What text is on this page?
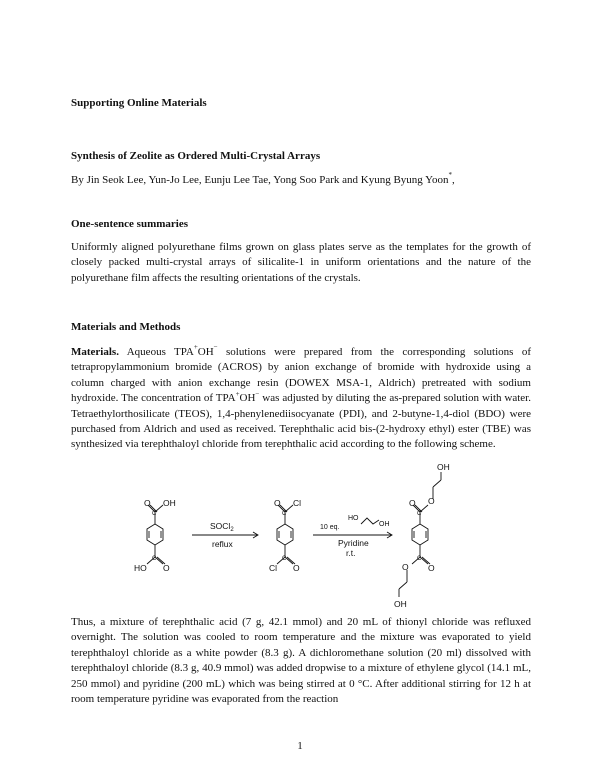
Supporting Online Materials
Synthesis of Zeolite as Ordered Multi-Crystal Arrays
By Jin Seok Lee, Yun-Jo Lee, Eunju Lee Tae, Yong Soo Park and Kyung Byung Yoon*,
One-sentence summaries

Uniformly aligned polyurethane films grown on glass plates serve as the templates for the growth of closely packed multi-crystal arrays of silicalite-1 in uniform orientations and the nature of the polyurethane film affects the resulting orientations of the crystals.

Materials and Methods

Materials. Aqueous TPA+OH− solutions were prepared from the corresponding solutions of tetrapropylammonium bromide (ACROS) by anion exchange of bromide with hydroxide using a column charged with anion exchange resin (DOWEX MSA-1, Aldrich) pretreated with sodium hydroxide. The concentration of TPA+OH− was adjusted by diluting the as-prepared solution with water. Tetraethylorthosilicate (TEOS), 1,4-phenylenediisocyanate (PDI), and 2-butyne-1,4-diol (BDO) were purchased from Aldrich and used as received. Terephthalic acid bis-(2-hydroxy ethyl) ester (TBE) was synthesized via terephthaloyl chloride from terephthalic acid according to the following scheme.

O OH
C
C
O
HO
O Cl
C
C
O
Cl
OH
O O
C
C
O
O
OH
SOCl$_2$
reflux
10 eq.
HO
OH
Pyridine
r.t.

Thus, a mixture of terephthalic acid (7 g, 42.1 mmol) and 20 mL of thionyl chloride was refluxed overnight. The solution was cooled to room temperature and the mixture was evaporated to yield terephthaloyl chloride as a white powder (8.3 g). A dichloromethane solution (20 ml) dissolved with terephthaloyl chloride (8.3 g, 40.9 mmol) was added dropwise to a mixture of ethylene glycol (14.1 mL, 250 mmol) and pyridine (200 mL) which was being stirred at 0 °C. After additional stirring for 12 h at room temperature pyridine was evaporated from the reaction

1
